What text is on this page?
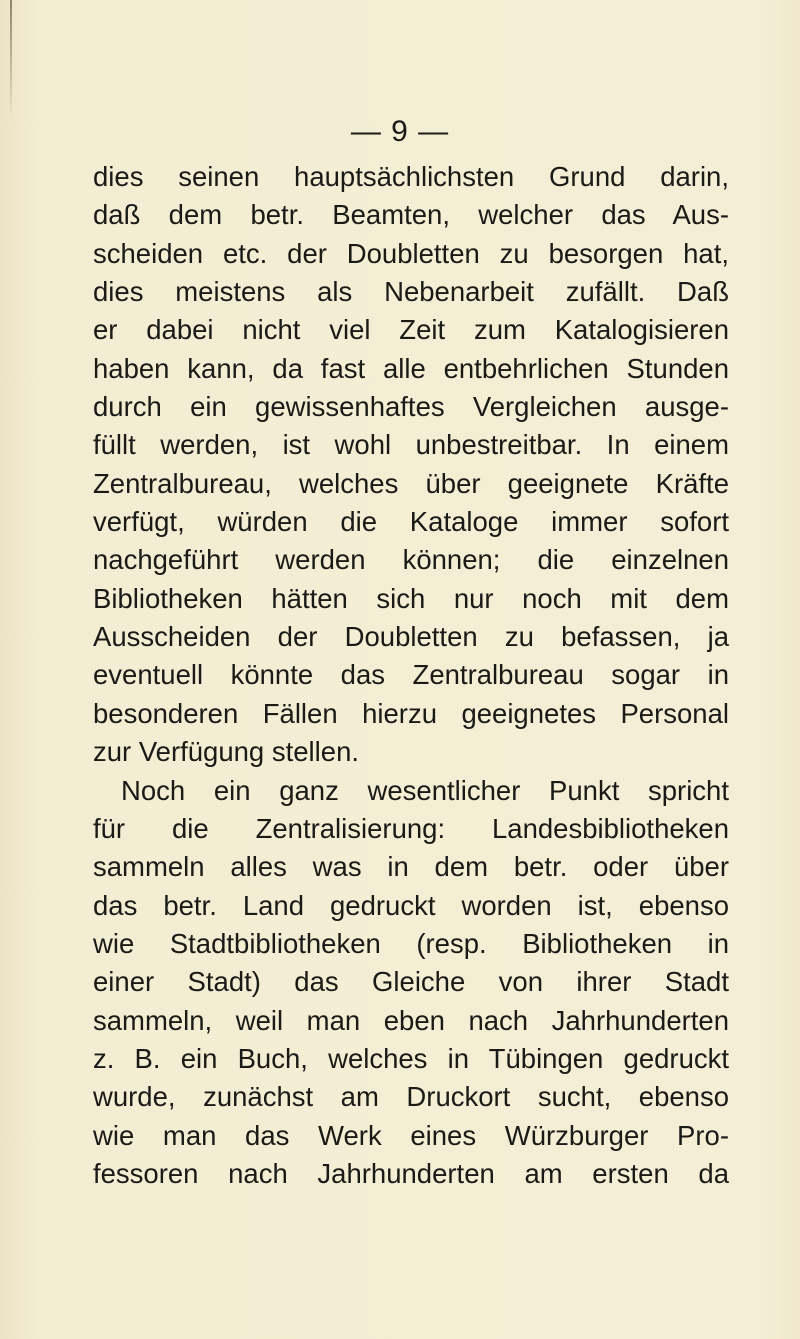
— 9 —
dies seinen hauptsächlichsten Grund darin,
daß dem betr. Beamten, welcher das Aus-
scheiden etc. der Doubletten zu besorgen hat,
dies meistens als Nebenarbeit zufällt. Daß
er dabei nicht viel Zeit zum Katalogisieren
haben kann, da fast alle entbehrlichen Stunden
durch ein gewissenhaftes Vergleichen ausge-
füllt werden, ist wohl unbestreitbar. In einem
Zentralbureau, welches über geeignete Kräfte
verfügt, würden die Kataloge immer sofort
nachgeführt werden können; die einzelnen
Bibliotheken hätten sich nur noch mit dem
Ausscheiden der Doubletten zu befassen, ja
eventuell könnte das Zentralbureau sogar in
besonderen Fällen hierzu geeignetes Personal
zur Verfügung stellen.
Noch ein ganz wesentlicher Punkt spricht
für die Zentralisierung: Landesbibliotheken
sammeln alles was in dem betr. oder über
das betr. Land gedruckt worden ist, ebenso
wie Stadtbibliotheken (resp. Bibliotheken in
einer Stadt) das Gleiche von ihrer Stadt
sammeln, weil man eben nach Jahrhunderten
z. B. ein Buch, welches in Tübingen gedruckt
wurde, zunächst am Druckort sucht, ebenso
wie man das Werk eines Würzburger Pro-
fessoren nach Jahrhunderten am ersten da
